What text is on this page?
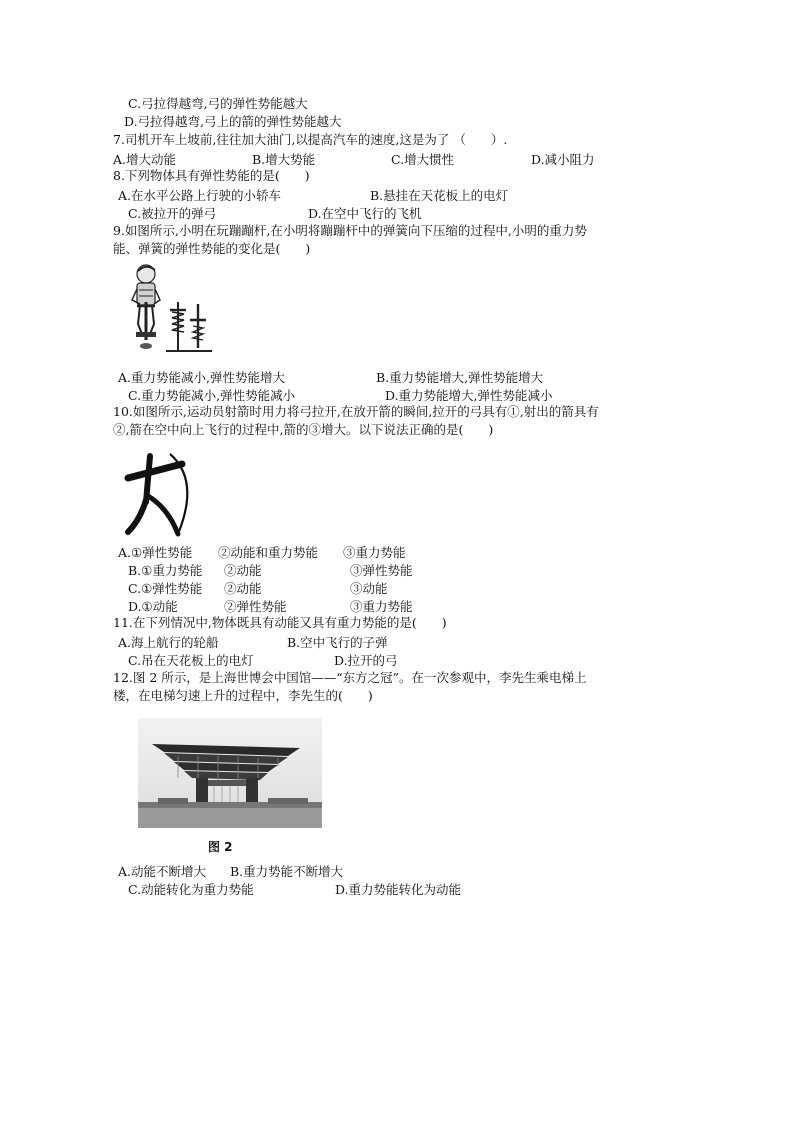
C.弓拉得越弯,弓的弹性势能越大
D.弓拉得越弯,弓上的箭的弹性势能越大
7.司机开车上坡前,往往加大油门,以提高汽车的速度,这是为了 （　　）.
A.增大动能	B.增大势能	C.增大惯性	D.减小阻力
8.下列物体具有弹性势能的是(　　)
A.在水平公路上行驶的小轿车	B.悬挂在天花板上的电灯
C.被拉开的弹弓	D.在空中飞行的飞机
9.如图所示,小明在玩蹦蹦杆,在小明将蹦蹦杆中的弹簧向下压缩的过程中,小明的重力势
能、弹簧的弹性势能的变化是(　　)
A.重力势能减小,弹性势能增大	B.重力势能增大,弹性势能增大
C.重力势能减小,弹性势能减小	D.重力势能增大,弹性势能减小
10.如图所示,运动员射箭时用力将弓拉开,在放开箭的瞬间,拉开的弓具有①,射出的箭具有
②,箭在空中向上飞行的过程中,箭的③增大。以下说法正确的是(　　)
A.①弹性势能 ②动能和重力势能 ③重力势能
B.①重力势能 ②动能	③弹性势能
C.①弹性势能 ②动能	③动能
D.①动能	②弹性势能	③重力势能
11.在下列情况中,物体既具有动能又具有重力势能的是(　　)
A.海上航行的轮船	B.空中飞行的子弹
C.吊在天花板上的电灯	D.拉开的弓
12.图 2 所示，是上海世博会中国馆——“东方之冠”。在一次参观中，李先生乘电梯上
楼，在电梯匀速上升的过程中，李先生的(　　)
图 2
A.动能不断增大 B.重力势能不断增大
C.动能转化为重力势能	D.重力势能转化为动能
